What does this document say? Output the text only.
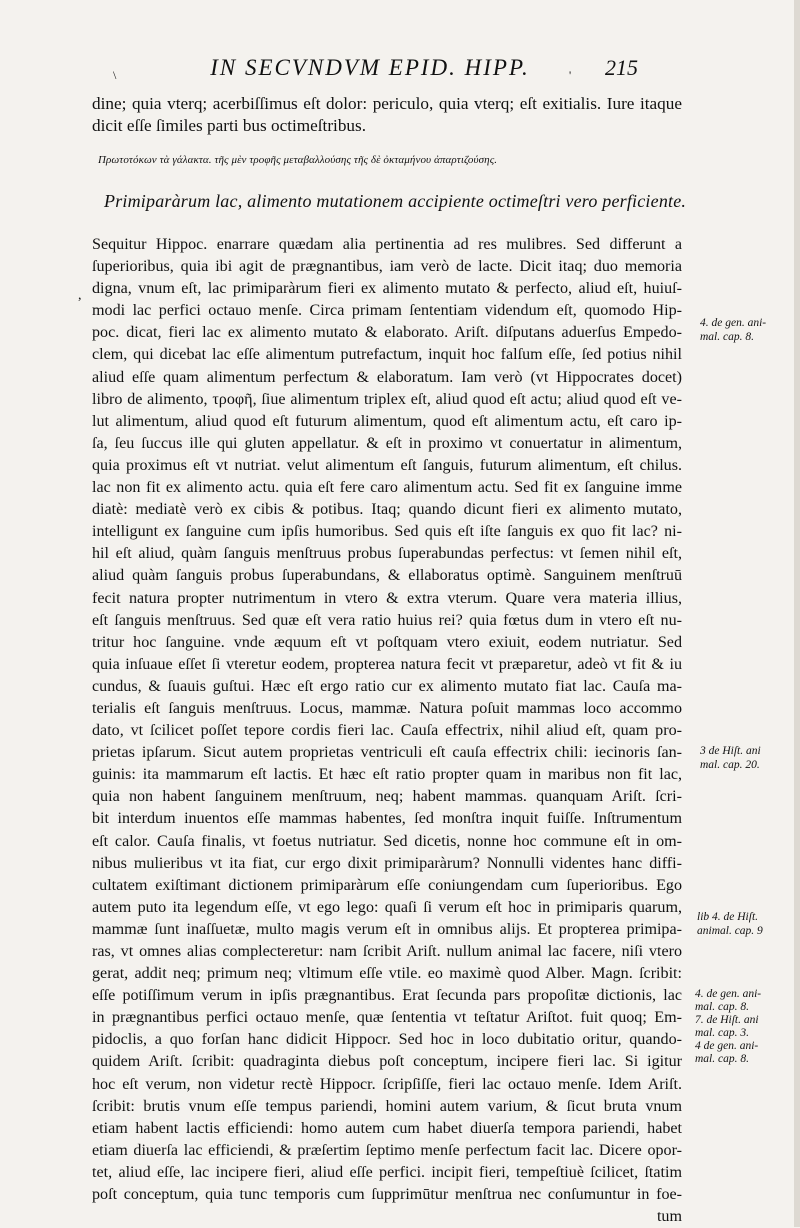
\	IN SECVNDVM EPID. HIPP.	' 215
dine; quia vterq; acerbiſſimus eſt dolor: periculo, quia vterq; eſt exitialis. Iure itaque
dicit eſſe ſimiles parti bus octimeſtribus.
Πρωτοτόκων τὰ γάλακτα. τῆς μὲν τροφῆς μεταβαλλούσης τῆς δὲ ὀκταμήνου ἀπαρτιζούσης.
Primiparàrum lac, alimento mutationem accipiente octimeſtri vero perficiente.
,
Sequitur Hippoc. enarrare quædam alia pertinentia ad res mulibres. Sed differunt a
ſuperioribus, quia ibi agit de prægnantibus, iam verò de lacte. Dicit itaq; duo memoria
digna, vnum eſt, lac primiparàrum fieri ex alimento mutato & perfecto, aliud eſt, huiuſ-
modi lac perfici octauo menſe. Circa primam ſententiam videndum eſt, quomodo Hip-
poc. dicat, fieri lac ex alimento mutato & elaborato. Ariſt. diſputans aduerſus Empedo-
clem, qui dicebat lac eſſe alimentum putrefactum, inquit hoc falſum eſſe, ſed potius nihil
aliud eſſe quam alimentum perfectum & elaboratum. Iam verò (vt Hippocrates docet)
libro de alimento, τροφῆ, ſiue alimentum triplex eſt, aliud quod eſt actu; aliud quod eſt ve-
lut alimentum, aliud quod eſt futurum alimentum, quod eſt alimentum actu, eſt caro ip-
ſa, ſeu ſuccus ille qui gluten appellatur. & eſt in proximo vt conuertatur in alimentum,
quia proximus eſt vt nutriat. velut alimentum eſt ſanguis, futurum alimentum, eſt chilus.
lac non fit ex alimento actu. quia eſt fere caro alimentum actu. Sed fit ex ſanguine imme
diatè: mediatè verò ex cibis & potibus. Itaq; quando dicunt fieri ex alimento mutato,
intelligunt ex ſanguine cum ipſis humoribus. Sed quis eſt iſte ſanguis ex quo fit lac? ni-
hil eſt aliud, quàm ſanguis menſtruus probus ſuperabundas perfectus: vt ſemen nihil eſt,
aliud quàm ſanguis probus ſuperabundans, & ellaboratus optimè. Sanguinem menſtruū
fecit natura propter nutrimentum in vtero & extra vterum. Quare vera materia illius,
eſt ſanguis menſtruus. Sed quæ eſt vera ratio huius rei? quia fœtus dum in vtero eſt nu-
tritur hoc ſanguine. vnde æquum eſt vt poſtquam vtero exiuit, eodem nutriatur. Sed
quia inſuaue eſſet ſi vteretur eodem, propterea natura fecit vt præparetur, adeò vt fit & iu
cundus, & ſuauis guſtui. Hæc eſt ergo ratio cur ex alimento mutato fiat lac. Cauſa ma-
terialis eſt ſanguis menſtruus. Locus, mammæ. Natura poſuit mammas loco accommo
dato, vt ſcilicet poſſet tepore cordis fieri lac. Cauſa effectrix, nihil aliud eſt, quam pro-
prietas ipſarum. Sicut autem proprietas ventriculi eſt cauſa effectrix chili: iecinoris ſan-
guinis: ita mammarum eſt lactis. Et hæc eſt ratio propter quam in maribus non fit lac,
quia non habent ſanguinem menſtruum, neq; habent mammas. quanquam Ariſt. ſcri-
bit interdum inuentos eſſe mammas habentes, ſed monſtra inquit fuiſſe. Inſtrumentum
eſt calor. Cauſa finalis, vt foetus nutriatur. Sed dicetis, nonne hoc commune eſt in om-
nibus mulieribus vt ita fiat, cur ergo dixit primiparàrum? Nonnulli videntes hanc diffi-
cultatem exiſtimant dictionem primiparàrum eſſe coniungendam cum ſuperioribus. Ego
autem puto ita legendum eſſe, vt ego lego: quaſi ſi verum eſt hoc in primiparis quarum,
mammæ ſunt inaſſuetæ, multo magis verum eſt in omnibus alijs. Et propterea primipa-
ras, vt omnes alias complecteretur: nam ſcribit Ariſt. nullum animal lac facere, niſi vtero
gerat, addit neq; primum neq; vltimum eſſe vtile. eo maximè quod Alber. Magn. ſcribit:
eſſe potiſſimum verum in ipſis prægnantibus. Erat ſecunda pars propoſitæ dictionis, lac
in prægnantibus perfici octauo menſe, quæ ſententia vt teſtatur Ariſtot. fuit quoq; Em-
pidoclis, a quo forſan hanc didicit Hippocr. Sed hoc in loco dubitatio oritur, quando-
quidem Ariſt. ſcribit: quadraginta diebus poſt conceptum, incipere fieri lac. Si igitur
hoc eſt verum, non videtur rectè Hippocr. ſcripſiſſe, fieri lac octauo menſe. Idem Ariſt.
ſcribit: brutis vnum eſſe tempus pariendi, homini autem varium, & ſicut bruta vnum
etiam habent lactis efficiendi: homo autem cum habet diuerſa tempora pariendi, habet
etiam diuerſa lac efficiendi, & præſertim ſeptimo menſe perfectum facit lac. Dicere opor-
tet, aliud eſſe, lac incipere fieri, aliud eſſe perfici. incipit fieri, tempeſtiuè ſcilicet, ſtatim
poſt conceptum, quia tunc temporis cum ſupprimūtur menſtrua nec conſumuntur in foe-
tum
4. de gen. ani-
mal. cap. 8.
3 de Hiſt. ani
mal. cap. 20.
lib 4. de Hiſt.
animal. cap. 9
4. de gen. ani-
mal. cap. 8.
7. de Hiſt. ani
mal. cap. 3.
4 de gen. ani-
mal. cap. 8.
